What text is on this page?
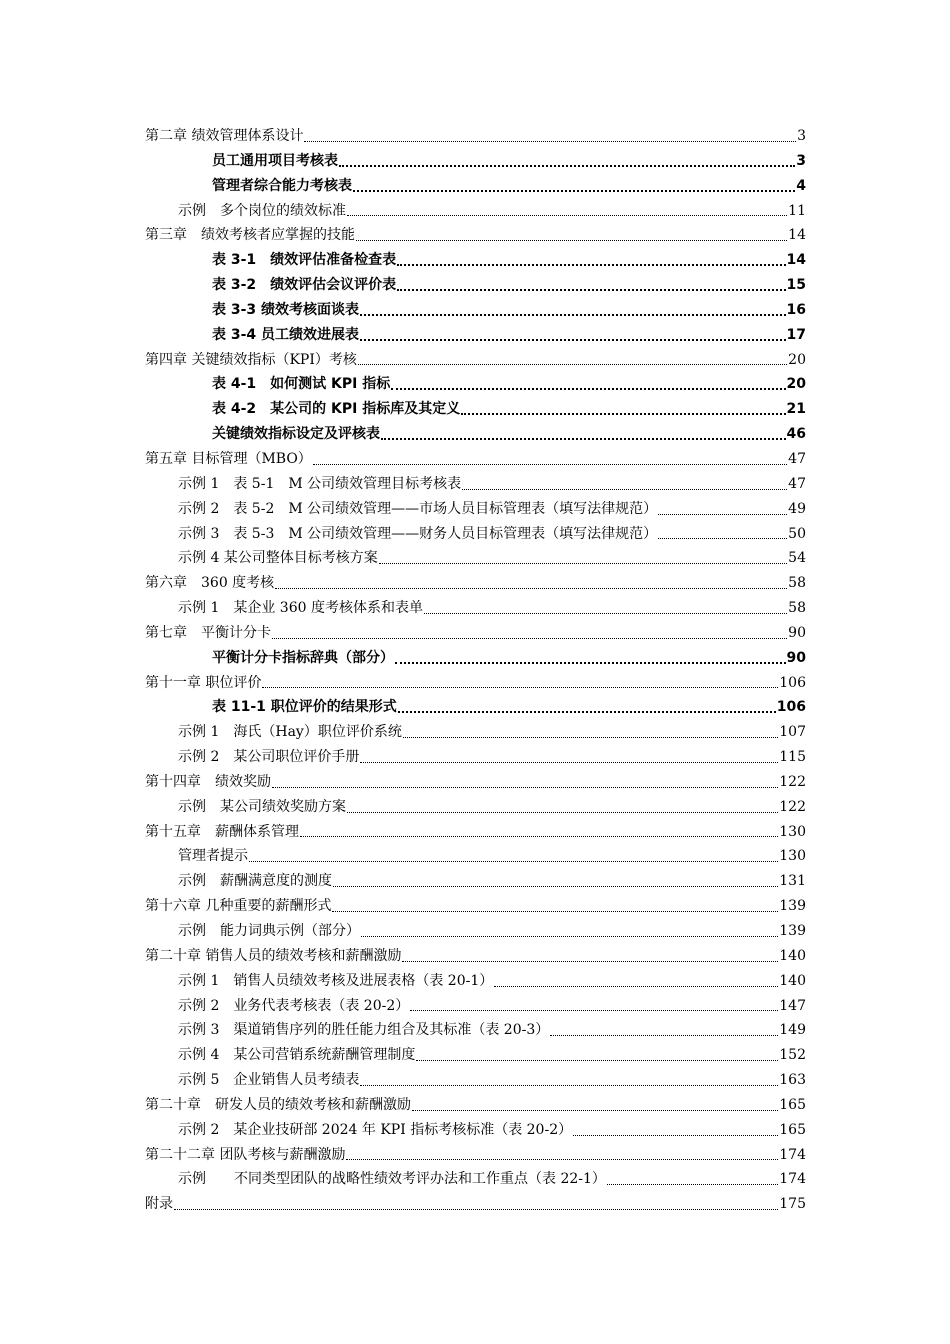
第二章 绩效管理体系设计	3
员工通用项目考核表	3
管理者综合能力考核表	4
示例　多个岗位的绩效标准	11
第三章　绩效考核者应掌握的技能	14
表 3-1　绩效评估准备检查表	14
表 3-2　绩效评估会议评价表	15
表 3-3 绩效考核面谈表	16
表 3-4 员工绩效进展表	17
第四章 关键绩效指标（KPI）考核	20
表 4-1　如何测试 KPI 指标	20
表 4-2　某公司的 KPI 指标库及其定义	21
关键绩效指标设定及评核表	46
第五章 目标管理（MBO）	47
示例 1　表 5-1　M 公司绩效管理目标考核表	47
示例 2　表 5-2　M 公司绩效管理——市场人员目标管理表（填写法律规范）	49
示例 3　表 5-3　M 公司绩效管理——财务人员目标管理表（填写法律规范）	50
示例 4 某公司整体目标考核方案	54
第六章　360 度考核	58
示例 1　某企业 360 度考核体系和表单	58
第七章　平衡计分卡	90
平衡计分卡指标辞典（部分）	90
第十一章 职位评价	106
表 11-1 职位评价的结果形式	106
示例 1　海氏（Hay）职位评价系统	107
示例 2　某公司职位评价手册	115
第十四章　绩效奖励	122
示例　某公司绩效奖励方案	122
第十五章　薪酬体系管理	130
管理者提示	130
示例　薪酬满意度的测度	131
第十六章 几种重要的薪酬形式	139
示例　能力词典示例（部分）	139
第二十章 销售人员的绩效考核和薪酬激励	140
示例 1　销售人员绩效考核及进展表格（表 20-1）	140
示例 2　业务代表考核表（表 20-2）	147
示例 3　渠道销售序列的胜任能力组合及其标准（表 20-3）	149
示例 4　某公司营销系统薪酬管理制度	152
示例 5　企业销售人员考绩表	163
第二十章　研发人员的绩效考核和薪酬激励	165
示例 2　某企业技研部 2024 年 KPI 指标考核标准（表 20-2）	165
第二十二章 团队考核与薪酬激励	174
示例　　不同类型团队的战略性绩效考评办法和工作重点（表 22-1）	174
附录	175
